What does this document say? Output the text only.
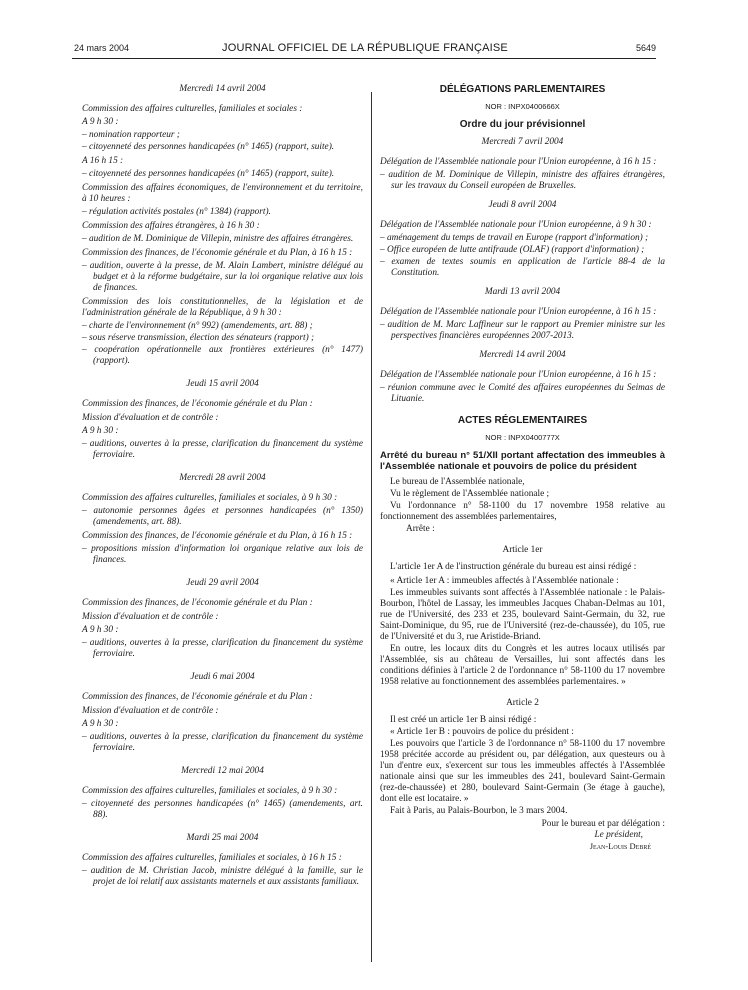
24 mars 2004	JOURNAL OFFICIEL DE LA RÉPUBLIQUE FRANÇAISE	5649
Mercredi 14 avril 2004
Commission des affaires culturelles, familiales et sociales :
A 9 h 30 :
– nomination rapporteur ;
– citoyenneté des personnes handicapées (n° 1465) (rapport, suite).
A 16 h 15 :
– citoyenneté des personnes handicapées (n° 1465) (rapport, suite).
Commission des affaires économiques, de l'environnement et du territoire, à 10 heures :
– régulation activités postales (n° 1384) (rapport).
Commission des affaires étrangères, à 16 h 30 :
– audition de M. Dominique de Villepin, ministre des affaires étrangères.
Commission des finances, de l'économie générale et du Plan, à 16 h 15 :
– audition, ouverte à la presse, de M. Alain Lambert, ministre délégué au budget et à la réforme budgétaire, sur la loi organique relative aux lois de finances.
Commission des lois constitutionnelles, de la législation et de l'administration générale de la République, à 9 h 30 :
– charte de l'environnement (n° 992) (amendements, art. 88) ;
– sous réserve transmission, élection des sénateurs (rapport) ;
– coopération opérationnelle aux frontières extérieures (n° 1477) (rapport).
Jeudi 15 avril 2004
Commission des finances, de l'économie générale et du Plan :
Mission d'évaluation et de contrôle :
A 9 h 30 :
– auditions, ouvertes à la presse, clarification du financement du système ferroviaire.
Mercredi 28 avril 2004
Commission des affaires culturelles, familiales et sociales, à 9 h 30 :
– autonomie personnes âgées et personnes handicapées (n° 1350) (amendements, art. 88).
Commission des finances, de l'économie générale et du Plan, à 16 h 15 :
– propositions mission d'information loi organique relative aux lois de finances.
Jeudi 29 avril 2004
Commission des finances, de l'économie générale et du Plan :
Mission d'évaluation et de contrôle :
A 9 h 30 :
– auditions, ouvertes à la presse, clarification du financement du système ferroviaire.
Jeudi 6 mai 2004
Commission des finances, de l'économie générale et du Plan :
Mission d'évaluation et de contrôle :
A 9 h 30 :
– auditions, ouvertes à la presse, clarification du financement du système ferroviaire.
Mercredi 12 mai 2004
Commission des affaires culturelles, familiales et sociales, à 9 h 30 :
– citoyenneté des personnes handicapées (n° 1465) (amendements, art. 88).
Mardi 25 mai 2004
Commission des affaires culturelles, familiales et sociales, à 16 h 15 :
– audition de M. Christian Jacob, ministre délégué à la famille, sur le projet de loi relatif aux assistants maternels et aux assistants familiaux.
DÉLÉGATIONS PARLEMENTAIRES
NOR : INPX0400666X
Ordre du jour prévisionnel
Mercredi 7 avril 2004
Délégation de l'Assemblée nationale pour l'Union européenne, à 16 h 15 :
– audition de M. Dominique de Villepin, ministre des affaires étrangères, sur les travaux du Conseil européen de Bruxelles.
Jeudi 8 avril 2004
Délégation de l'Assemblée nationale pour l'Union européenne, à 9 h 30 :
– aménagement du temps de travail en Europe (rapport d'information) ;
– Office européen de lutte antifraude (OLAF) (rapport d'information) ;
– examen de textes soumis en application de l'article 88-4 de la Constitution.
Mardi 13 avril 2004
Délégation de l'Assemblée nationale pour l'Union européenne, à 16 h 15 :
– audition de M. Marc Laffineur sur le rapport au Premier ministre sur les perspectives financières européennes 2007-2013.
Mercredi 14 avril 2004
Délégation de l'Assemblée nationale pour l'Union européenne, à 16 h 15 :
– réunion commune avec le Comité des affaires européennes du Seimas de Lituanie.
ACTES RÉGLEMENTAIRES
NOR : INPX0400777X
Arrêté du bureau n° 51/XII portant affectation des immeubles à l'Assemblée nationale et pouvoirs de police du président

Le bureau de l'Assemblée nationale,

Vu le règlement de l'Assemblée nationale ;

Vu l'ordonnance n° 58-1100 du 17 novembre 1958 relative au fonctionnement des assemblées parlementaires,

Arrête :

Article 1er

L'article 1er A de l'instruction générale du bureau est ainsi rédigé :

« Article 1er A : immeubles affectés à l'Assemblée nationale :

Les immeubles suivants sont affectés à l'Assemblée nationale : le Palais-Bourbon, l'hôtel de Lassay, les immeubles Jacques Chaban-Delmas au 101, rue de l'Université, des 233 et 235, boulevard Saint-Germain, du 32, rue Saint-Dominique, du 95, rue de l'Université (rez-de-chaussée), du 105, rue de l'Université et du 3, rue Aristide-Briand.

En outre, les locaux dits du Congrès et les autres locaux utilisés par l'Assemblée, sis au château de Versailles, lui sont affectés dans les conditions définies à l'article 2 de l'ordonnance n° 58-1100 du 17 novembre 1958 relative au fonctionnement des assemblées parlementaires. »

Article 2

Il est créé un article 1er B ainsi rédigé :

« Article 1er B : pouvoirs de police du président :

Les pouvoirs que l'article 3 de l'ordonnance n° 58-1100 du 17 novembre 1958 précitée accorde au président ou, par délégation, aux questeurs ou à l'un d'entre eux, s'exercent sur tous les immeubles affectés à l'Assemblée nationale ainsi que sur les immeubles des 241, boulevard Saint-Germain (rez-de-chaussée) et 280, boulevard Saint-Germain (3e étage à gauche), dont elle est locataire. »

Fait à Paris, au Palais-Bourbon, le 3 mars 2004.

Pour le bureau et par délégation :

Le président,

Jean-Louis Debré
